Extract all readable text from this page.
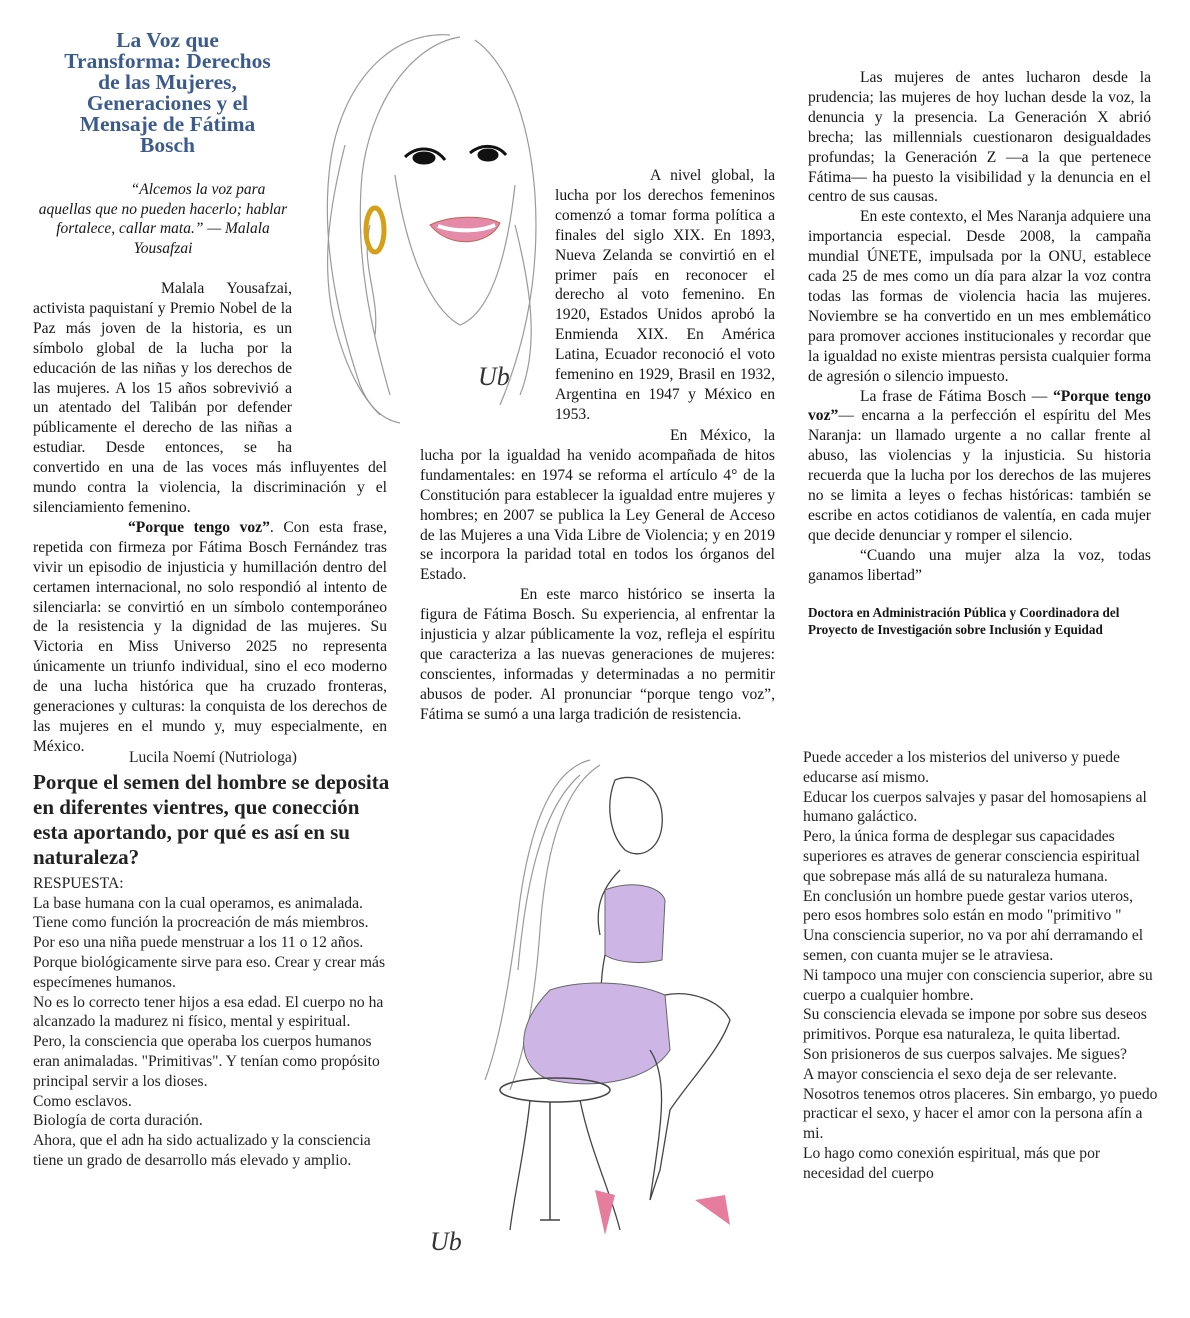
La Voz que
Transforma: Derechos
de las Mujeres,
Generaciones y el
Mensaje de Fátima
Bosch
“Alcemos la voz para aquellas que no pueden hacerlo; hablar fortalece, callar mata.” — Malala Yousafzai
Ub

Malala Yousafzai, activista paquistaní y Premio Nobel de la Paz más joven de la historia, es un símbolo global de la lucha por la educación de las niñas y los derechos de las mujeres. A los 15 años sobrevivió a un atentado del Talibán por defender públicamente el derecho de las niñas a estudiar. Desde entonces, se ha convertido en una de las voces más influyentes del mundo contra la violencia, la discriminación y el silenciamiento femenino.

“Porque tengo voz”. Con esta frase, repetida con firmeza por Fátima Bosch Fernández tras vivir un episodio de injusticia y humillación dentro del certamen internacional, no solo respondió al intento de silenciarla: se convirtió en un símbolo contemporáneo de la resistencia y la dignidad de las mujeres. Su Victoria en Miss Universo 2025 no representa únicamente un triunfo individual, sino el eco moderno de una lucha histórica que ha cruzado fronteras, generaciones y culturas: la conquista de los derechos de las mujeres en el mundo y, muy especialmente, en México.

A nivel global, la lucha por los derechos femeninos comenzó a tomar forma política a finales del siglo XIX. En 1893, Nueva Zelanda se convirtió en el primer país en reconocer el derecho al voto femenino. En 1920, Estados Unidos aprobó la Enmienda XIX. En América Latina, Ecuador reconoció el voto femenino en 1929, Brasil en 1932, Argentina en 1947 y México en 1953.

En México, la lucha por la igualdad ha venido acompañada de hitos fundamentales: en 1974 se reforma el artículo 4° de la Constitución para establecer la igualdad entre mujeres y hombres; en 2007 se publica la Ley General de Acceso de las Mujeres a una Vida Libre de Violencia; y en 2019 se incorpora la paridad total en todos los órganos del Estado.

En este marco histórico se inserta la figura de Fátima Bosch. Su experiencia, al enfrentar la injusticia y alzar públicamente la voz, refleja el espíritu que caracteriza a las nuevas generaciones de mujeres: conscientes, informadas y determinadas a no permitir abusos de poder. Al pronunciar “porque tengo voz”, Fátima se sumó a una larga tradición de resistencia.

Las mujeres de antes lucharon desde la prudencia; las mujeres de hoy luchan desde la voz, la denuncia y la presencia. La Generación X abrió brecha; las millennials cuestionaron desigualdades profundas; la Generación Z —a la que pertenece Fátima— ha puesto la visibilidad y la denuncia en el centro de sus causas.

En este contexto, el Mes Naranja adquiere una importancia especial. Desde 2008, la campaña mundial ÚNETE, impulsada por la ONU, establece cada 25 de mes como un día para alzar la voz contra todas las formas de violencia hacia las mujeres. Noviembre se ha convertido en un mes emblemático para promover acciones institucionales y recordar que la igualdad no existe mientras persista cualquier forma de agresión o silencio impuesto.

La frase de Fátima Bosch — “Porque tengo voz”— encarna a la perfección el espíritu del Mes Naranja: un llamado urgente a no callar frente al abuso, las violencias y la injusticia. Su historia recuerda que la lucha por los derechos de las mujeres no se limita a leyes o fechas históricas: también se escribe en actos cotidianos de valentía, en cada mujer que decide denunciar y romper el silencio.

“Cuando una mujer alza la voz, todas ganamos libertad”

Doctora en Administración Pública y Coordinadora del Proyecto de Investigación sobre Inclusión y Equidad

Lucila Noemí (Nutriologa)
Porque el semen del hombre se deposita en diferentes vientres, que conección esta aportando, por qué es así en su naturaleza?

RESPUESTA:

La base humana con la cual operamos, es animalada.

Tiene como función la procreación de más miembros.

Por eso una niña puede menstruar a los 11 o 12 años.

Porque biológicamente sirve para eso. Crear y crear más especímenes humanos.

No es lo correcto tener hijos a esa edad. El cuerpo no ha alcanzado la madurez ni físico, mental y espiritual.

Pero, la consciencia que operaba los cuerpos humanos eran animaladas. "Primitivas". Y tenían como propósito principal servir a los dioses.

Como esclavos.

Biología de corta duración.

Ahora, que el adn ha sido actualizado y la consciencia tiene un grado de desarrollo más elevado y amplio.

Ub

Puede acceder a los misterios del universo y puede educarse así mismo.

Educar los cuerpos salvajes y pasar del homosapiens al humano galáctico.

Pero, la única forma de desplegar sus capacidades superiores es atraves de generar consciencia espiritual que sobrepase más allá de su naturaleza humana.

En conclusión un hombre puede gestar varios uteros, pero esos hombres solo están en modo "primitivo "

Una consciencia superior, no va por ahí derramando el semen, con cuanta mujer se le atraviesa.

Ni tampoco una mujer con consciencia superior, abre su cuerpo a cualquier hombre.

Su consciencia elevada se impone por sobre sus deseos primitivos. Porque esa naturaleza, le quita libertad.

Son prisioneros de sus cuerpos salvajes. Me sigues?

A mayor consciencia el sexo deja de ser relevante. Nosotros tenemos otros placeres. Sin embargo, yo puedo practicar el sexo, y hacer el amor con la persona afín a mi.

Lo hago como conexión espiritual, más que por necesidad del cuerpo
